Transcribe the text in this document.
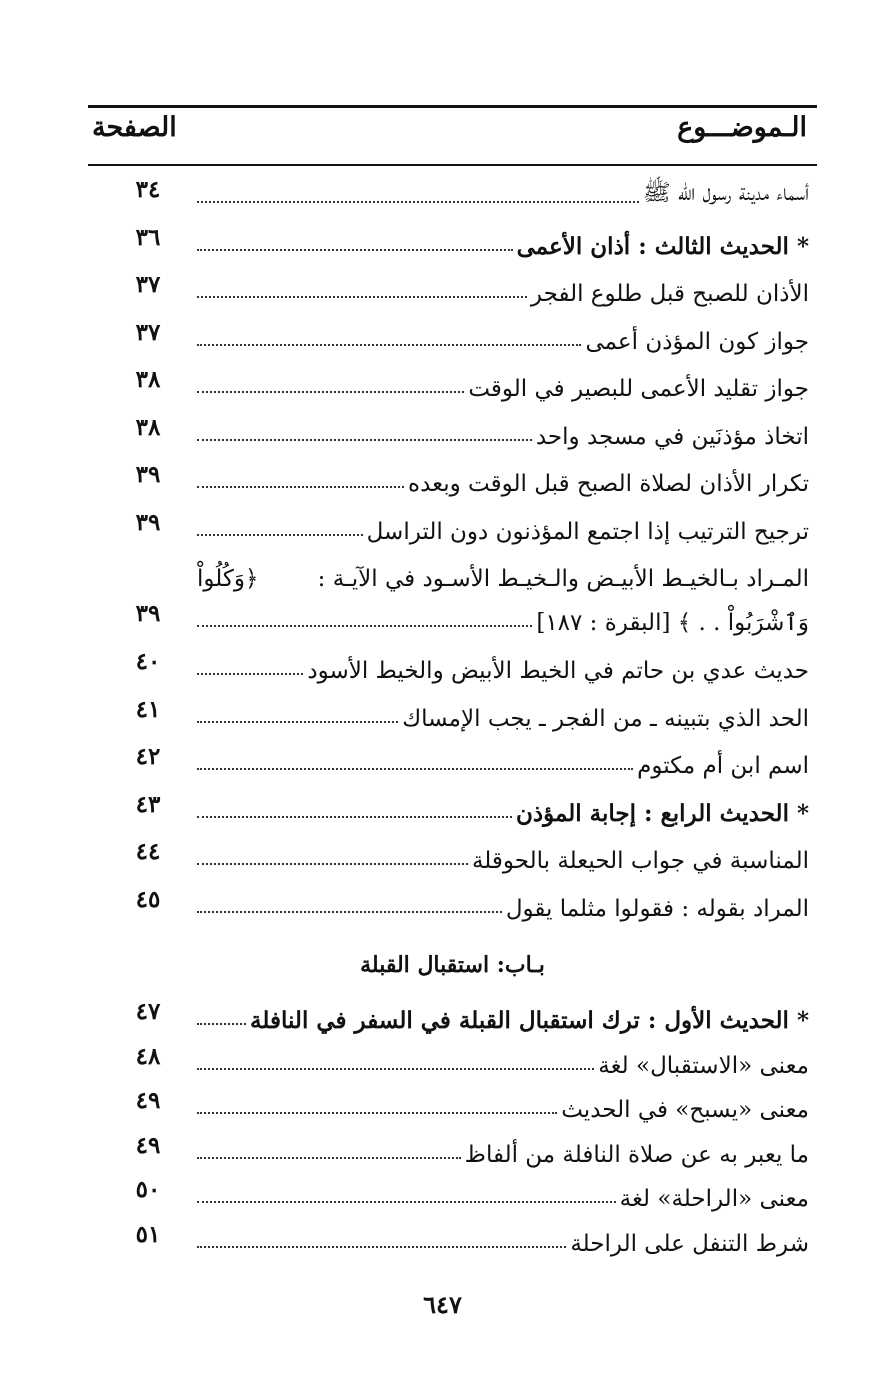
الـموضـــوع
الصفحة
أسماء مدينة رسول الله ﷺ
٣٤
* الحديث الثالث : أذان الأعمى
٣٦
الأذان للصبح قبل طلوع الفجر
٣٧
جواز كون المؤذن أعمى
٣٧
جواز تقليد الأعمى للبصير في الوقت
٣٨
اتخاذ مؤذنَين في مسجد واحد
٣٨
تكرار الأذان لصلاة الصبح قبل الوقت وبعده
٣٩
ترجيح الترتيب إذا اجتمع المؤذنون دون التراسل
٣٩
المـراد بـالخيـط الأبيـض والـخيـط الأسـود في الآيـة :
﴿وَكُلُواْ
وَٱشْرَبُواْ . . ﴾ [البقرة : ١٨٧]
٣٩
حديث عدي بن حاتم في الخيط الأبيض والخيط الأسود
٤٠
الحد الذي بتبينه ـ من الفجر ـ يجب الإمساك
٤١
اسم ابن أم مكتوم
٤٢
* الحديث الرابع : إجابة المؤذن
٤٣
المناسبة في جواب الحيعلة بالحوقلة
٤٤
المراد بقوله : فقولوا مثلما يقول
٤٥
بـاب: استقبال القبلة
* الحديث الأول : ترك استقبال القبلة في السفر في النافلة
٤٧
معنى «الاستقبال» لغة
٤٨
معنى «يسبح» في الحديث
٤٩
ما يعبر به عن صلاة النافلة من ألفاظ
٤٩
معنى «الراحلة» لغة
٥٠
شرط التنفل على الراحلة
٥١
٦٤٧
